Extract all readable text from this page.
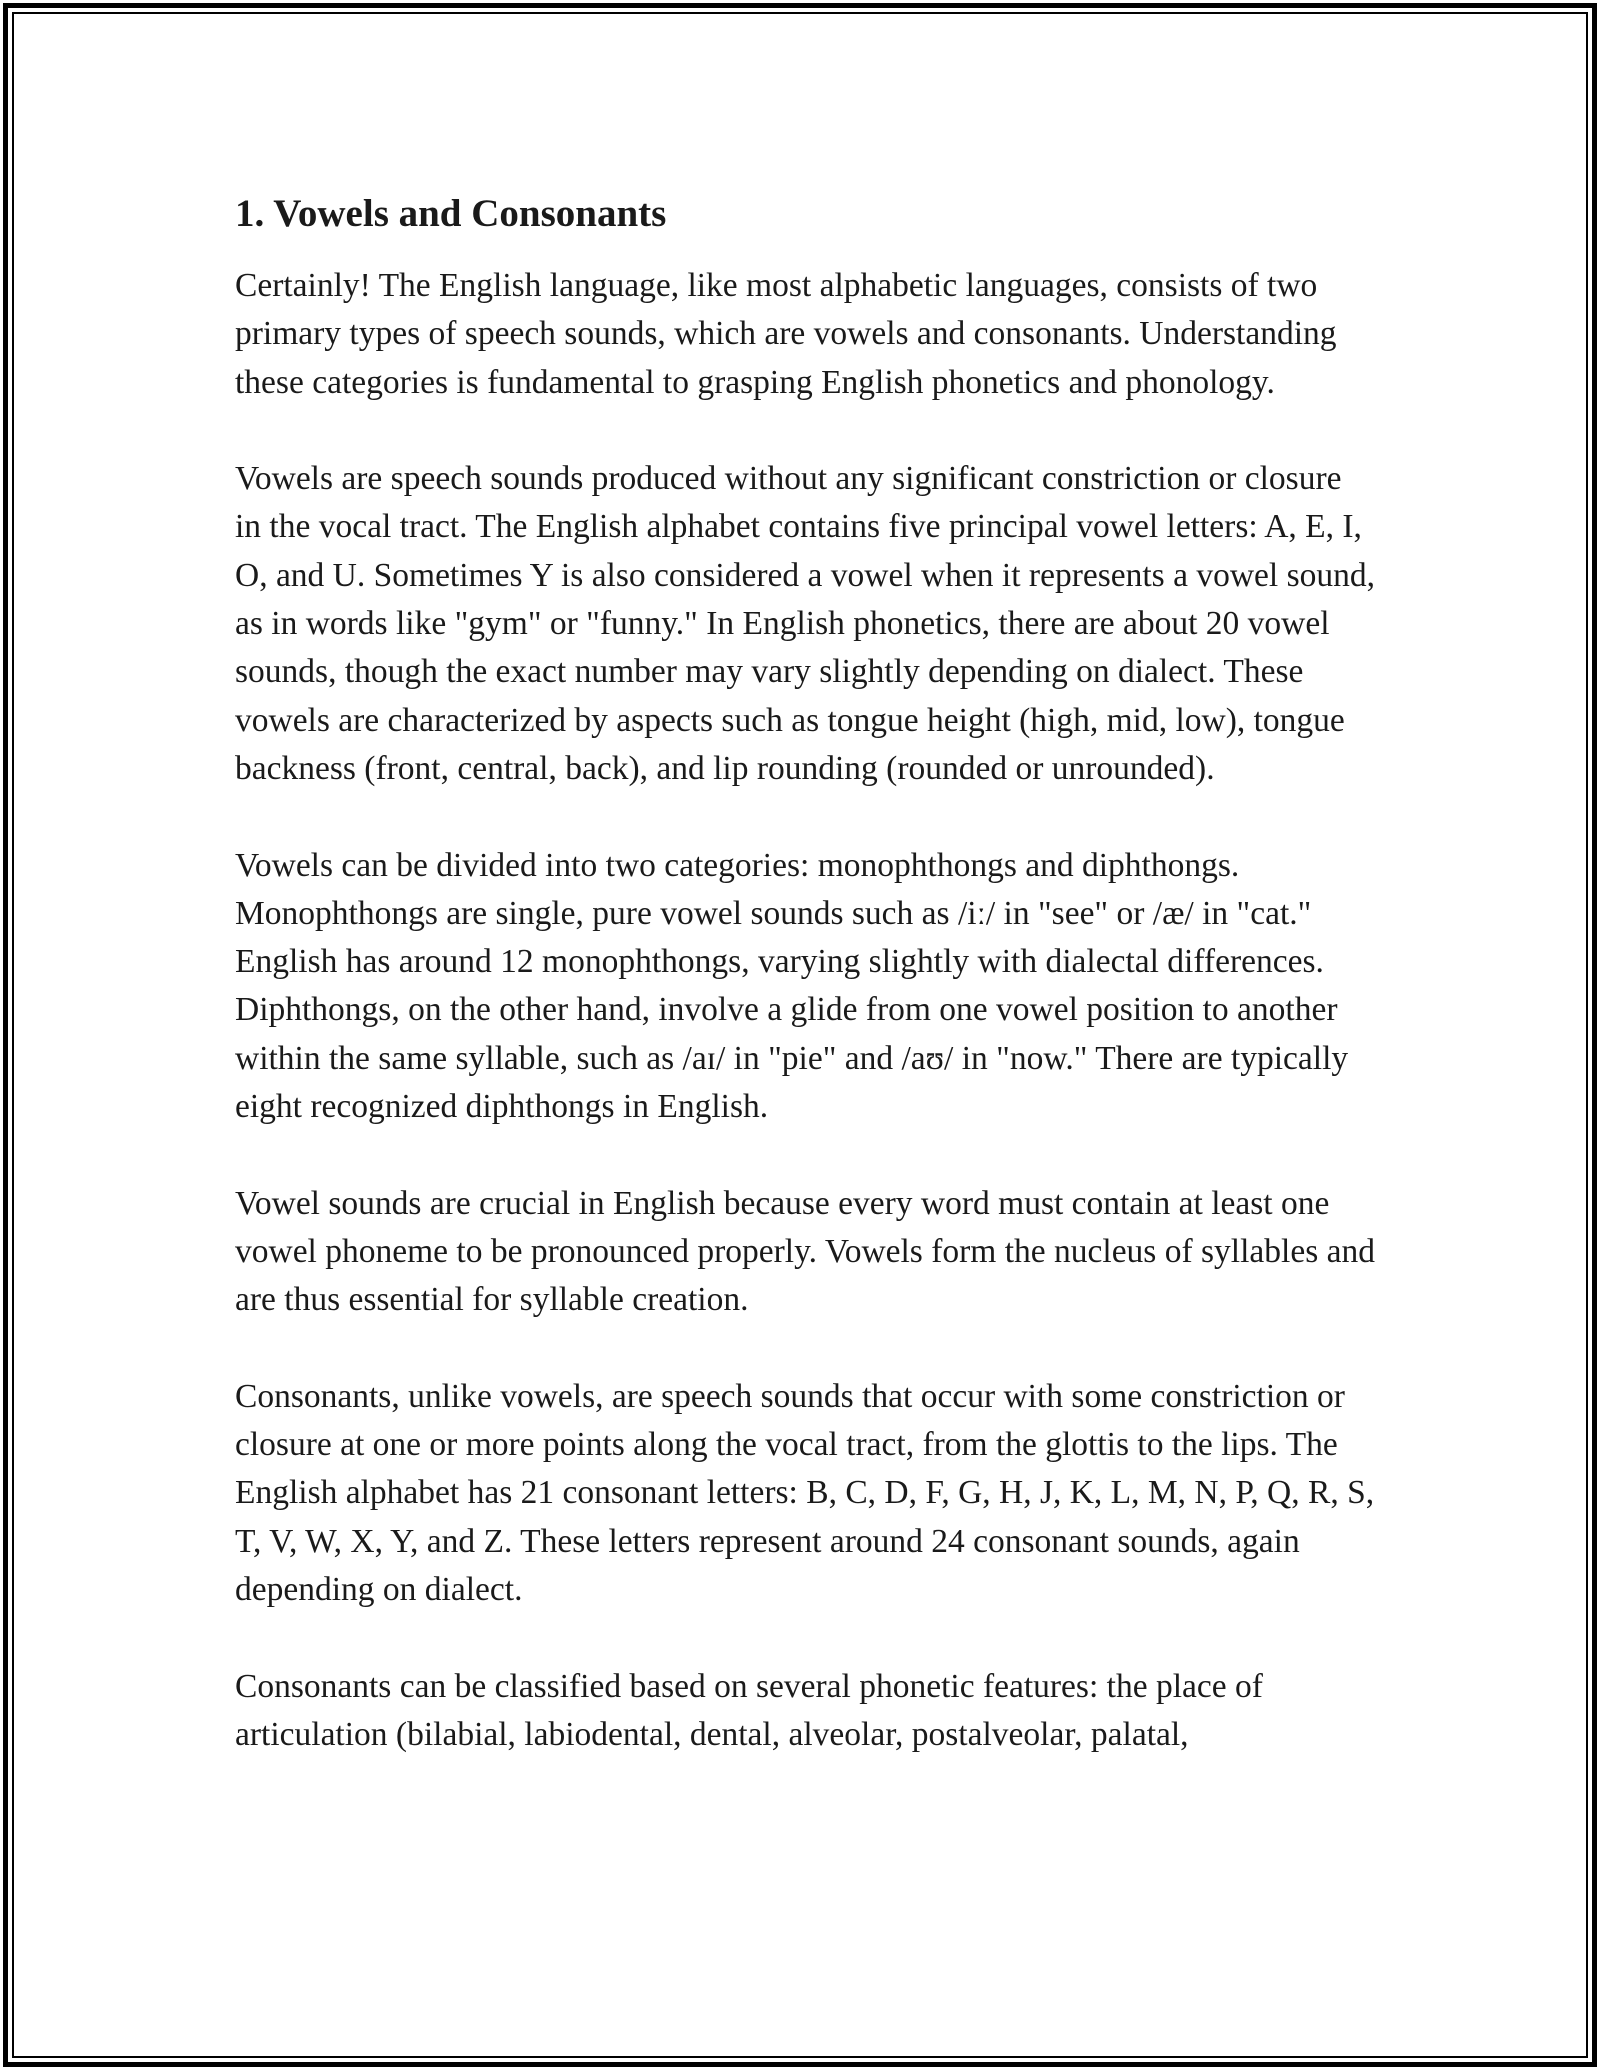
1. Vowels and Consonants

Certainly! The English language, like most alphabetic languages, consists of two primary types of speech sounds, which are vowels and consonants. Understanding these categories is fundamental to grasping English phonetics and phonology.

Vowels are speech sounds produced without any significant constriction or closure in the vocal tract. The English alphabet contains five principal vowel letters: A, E, I, O, and U. Sometimes Y is also considered a vowel when it represents a vowel sound, as in words like "gym" or "funny." In English phonetics, there are about 20 vowel sounds, though the exact number may vary slightly depending on dialect. These vowels are characterized by aspects such as tongue height (high, mid, low), tongue backness (front, central, back), and lip rounding (rounded or unrounded).

Vowels can be divided into two categories: monophthongs and diphthongs. Monophthongs are single, pure vowel sounds such as /iː/ in "see" or /æ/ in "cat." English has around 12 monophthongs, varying slightly with dialectal differences. Diphthongs, on the other hand, involve a glide from one vowel position to another within the same syllable, such as /aɪ/ in "pie" and /aʊ/ in "now." There are typically eight recognized diphthongs in English.

Vowel sounds are crucial in English because every word must contain at least one vowel phoneme to be pronounced properly. Vowels form the nucleus of syllables and are thus essential for syllable creation.

Consonants, unlike vowels, are speech sounds that occur with some constriction or closure at one or more points along the vocal tract, from the glottis to the lips. The English alphabet has 21 consonant letters: B, C, D, F, G, H, J, K, L, M, N, P, Q, R, S, T, V, W, X, Y, and Z. These letters represent around 24 consonant sounds, again depending on dialect.

Consonants can be classified based on several phonetic features: the place of articulation (bilabial, labiodental, dental, alveolar, postalveolar, palatal,
